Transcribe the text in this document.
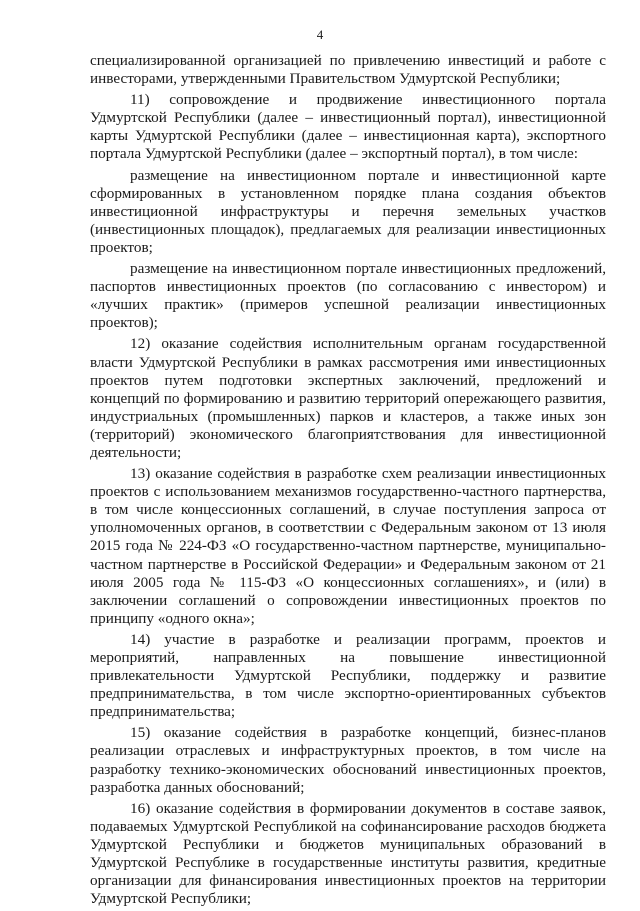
4

специализированной организацией по привлечению инвестиций и работе с инвесторами, утвержденными Правительством Удмуртской Республики;

11) сопровождение и продвижение инвестиционного портала Удмуртской Республики (далее – инвестиционный портал), инвестиционной карты Удмуртской Республики (далее – инвестиционная карта), экспортного портала Удмуртской Республики (далее – экспортный портал), в том числе:

размещение на инвестиционном портале и инвестиционной карте сформированных в установленном порядке плана создания объектов инвестиционной инфраструктуры и перечня земельных участков (инвестиционных площадок), предлагаемых для реализации инвестиционных проектов;

размещение на инвестиционном портале инвестиционных предложений, паспортов инвестиционных проектов (по согласованию с инвестором) и «лучших практик» (примеров успешной реализации инвестиционных проектов);

12) оказание содействия исполнительным органам государственной власти Удмуртской Республики в рамках рассмотрения ими инвестиционных проектов путем подготовки экспертных заключений, предложений и концепций по формированию и развитию территорий опережающего развития, индустриальных (промышленных) парков и кластеров, а также иных зон (территорий) экономического благоприятствования для инвестиционной деятельности;

13) оказание содействия в разработке схем реализации инвестиционных проектов с использованием механизмов государственно-частного партнерства, в том числе концессионных соглашений, в случае поступления запроса от уполномоченных органов, в соответствии с Федеральным законом от 13 июля 2015 года № 224-ФЗ «О государственно-частном партнерстве, муниципально-частном партнерстве в Российской Федерации» и Федеральным законом от 21 июля 2005 года № 115-ФЗ «О концессионных соглашениях», и (или) в заключении соглашений о сопровождении инвестиционных проектов по принципу «одного окна»;

14) участие в разработке и реализации программ, проектов и мероприятий, направленных на повышение инвестиционной привлекательности Удмуртской Республики, поддержку и развитие предпринимательства, в том числе экспортно-ориентированных субъектов предпринимательства;

15) оказание содействия в разработке концепций, бизнес-планов реализации отраслевых и инфраструктурных проектов, в том числе на разработку технико-экономических обоснований инвестиционных проектов, разработка данных обоснований;

16) оказание содействия в формировании документов в составе заявок, подаваемых Удмуртской Республикой на софинансирование расходов бюджета Удмуртской Республики и бюджетов муниципальных образований в Удмуртской Республике в государственные институты развития, кредитные организации для финансирования инвестиционных проектов на территории Удмуртской Республики;
